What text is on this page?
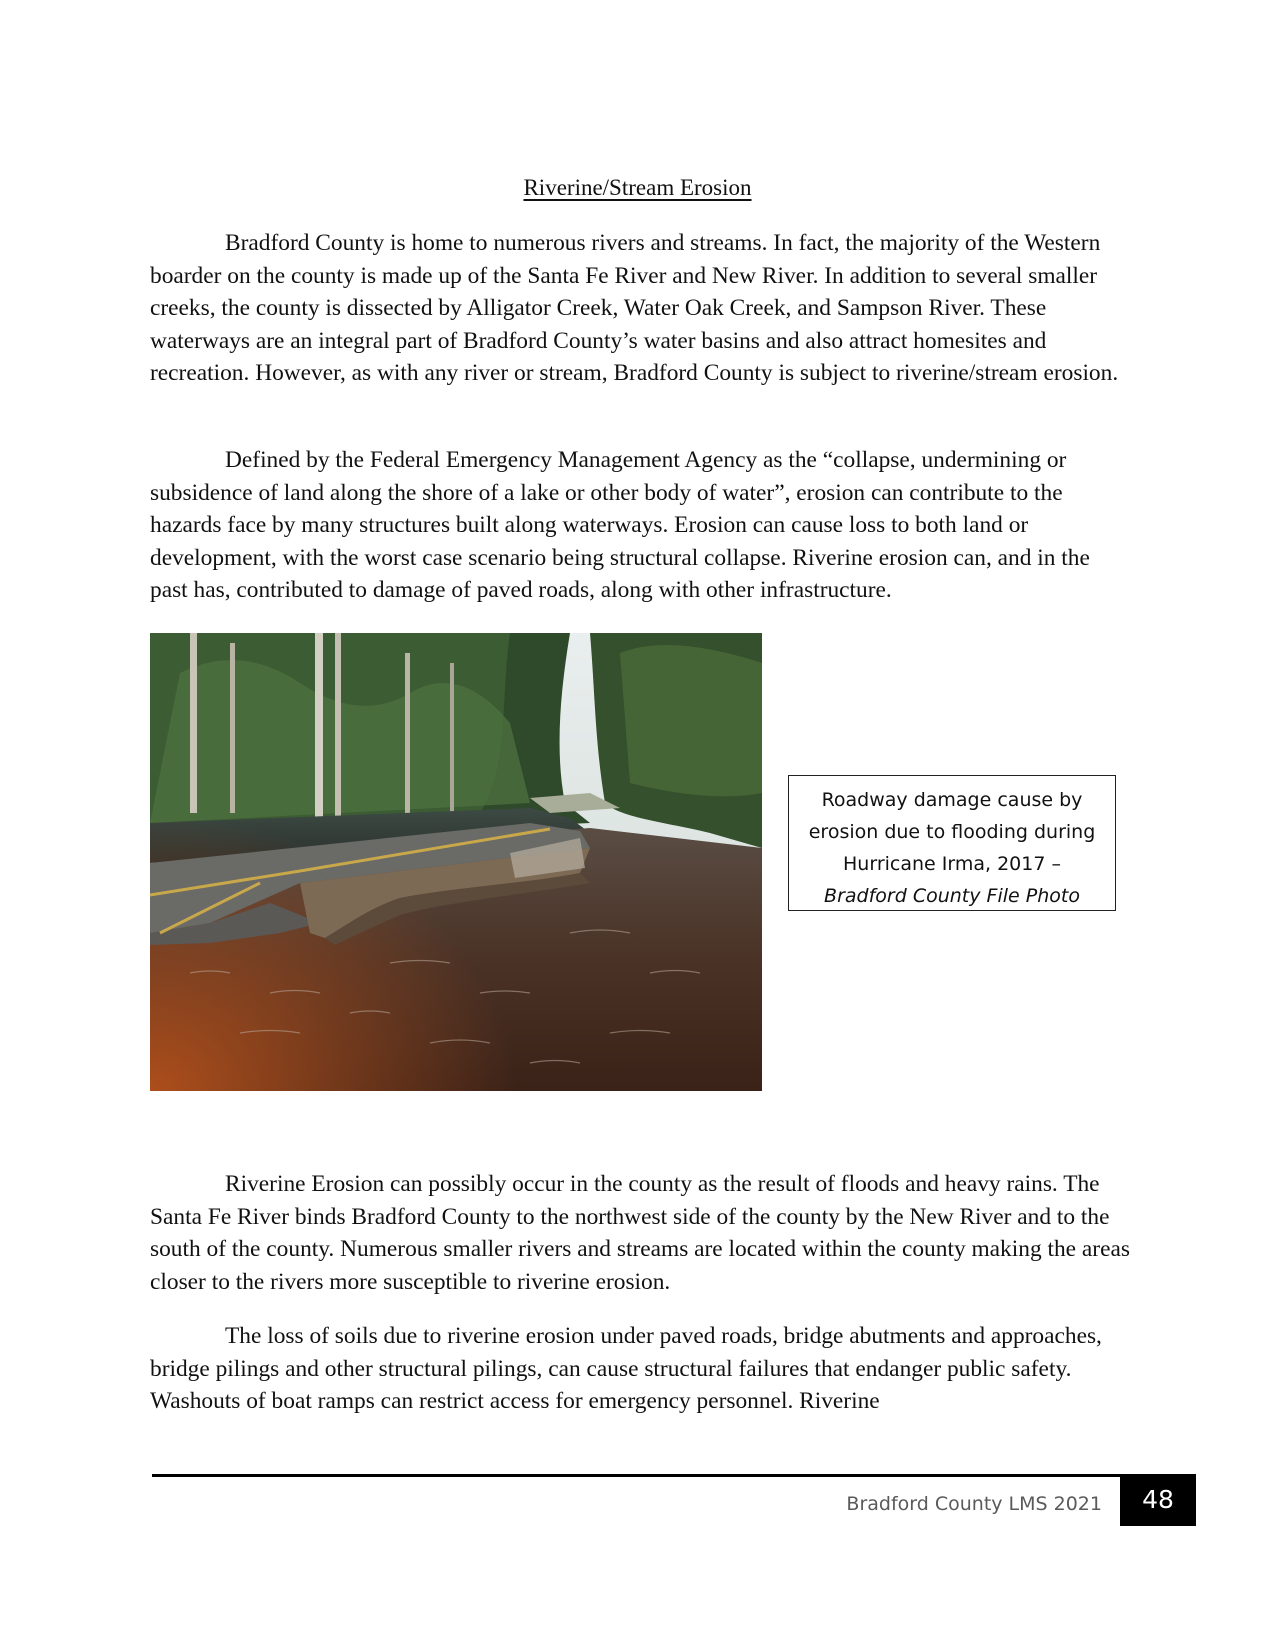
Riverine/Stream Erosion

Bradford County is home to numerous rivers and streams. In fact, the majority of the Western boarder on the county is made up of the Santa Fe River and New River. In addition to several smaller creeks, the county is dissected by Alligator Creek, Water Oak Creek, and Sampson River. These waterways are an integral part of Bradford County’s water basins and also attract homesites and recreation. However, as with any river or stream, Bradford County is subject to riverine/stream erosion.

Defined by the Federal Emergency Management Agency as the “collapse, undermining or subsidence of land along the shore of a lake or other body of water”, erosion can contribute to the hazards face by many structures built along waterways. Erosion can cause loss to both land or development, with the worst case scenario being structural collapse. Riverine erosion can, and in the past has, contributed to damage of paved roads, along with other infrastructure.

Roadway damage cause by
erosion due to flooding during
Hurricane Irma, 2017 –
Bradford County File Photo

Riverine Erosion can possibly occur in the county as the result of floods and heavy rains. The Santa Fe River binds Bradford County to the northwest side of the county by the New River and to the south of the county. Numerous smaller rivers and streams are located within the county making the areas closer to the rivers more susceptible to riverine erosion.

The loss of soils due to riverine erosion under paved roads, bridge abutments and approaches, bridge pilings and other structural pilings, can cause structural failures that endanger public safety. Washouts of boat ramps can restrict access for emergency personnel. Riverine

Bradford County LMS 2021	48
